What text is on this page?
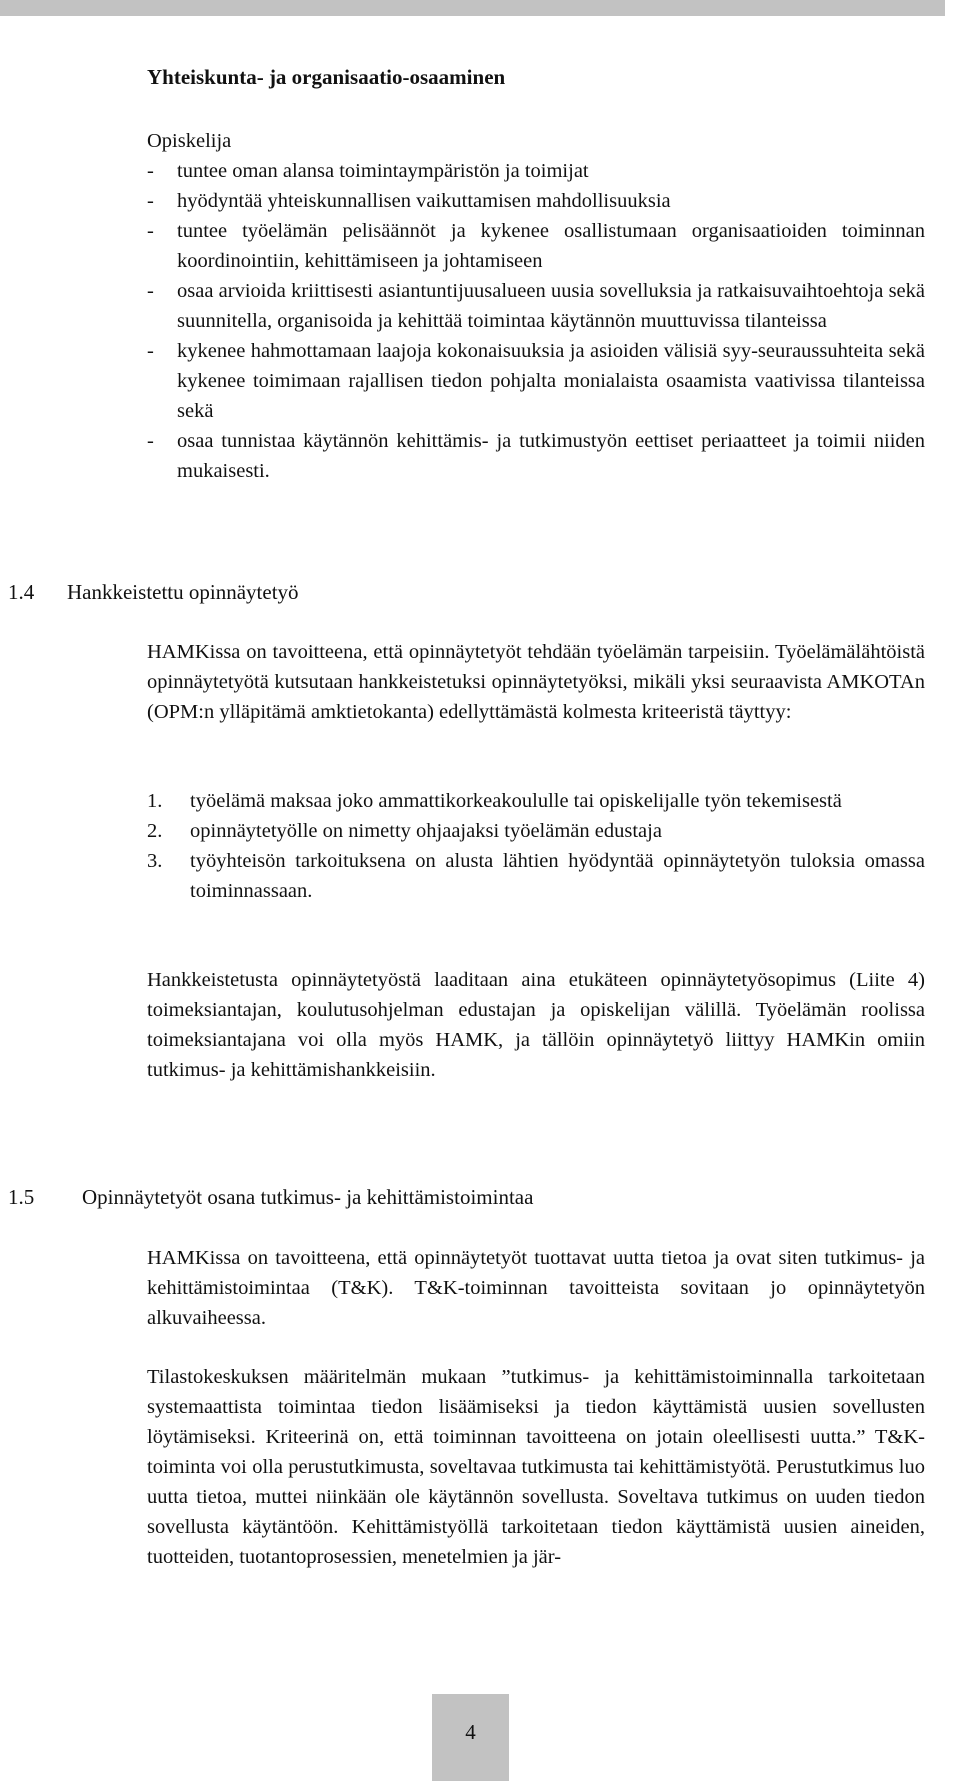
Yhteiskunta- ja organisaatio-osaaminen
Opiskelija
- tuntee oman alansa toimintaympäristön ja toimijat
- hyödyntää yhteiskunnallisen vaikuttamisen mahdollisuuksia
- tuntee työelämän pelisäännöt ja kykenee osallistumaan organisaatioiden toiminnan koordinointiin, kehittämiseen ja johtamiseen
- osaa arvioida kriittisesti asiantuntijuusalueen uusia sovelluksia ja ratkaisuvaihtoehtoja sekä suunnitella, organisoida ja kehittää toimintaa käytännön muuttuvissa tilanteissa
- kykenee hahmottamaan laajoja kokonaisuuksia ja asioiden välisiä syy-seuraussuhteita sekä kykenee toimimaan rajallisen tiedon pohjalta monialaista osaamista vaativissa tilanteissa sekä
- osaa tunnistaa käytännön kehittämis- ja tutkimustyön eettiset periaatteet ja toimii niiden mukaisesti.
1.4 Hankkeistettu opinnäytetyö
HAMKissa on tavoitteena, että opinnäytetyöt tehdään työelämän tarpeisiin. Työelämälähtöistä opinnäytetyötä kutsutaan hankkeistetuksi opinnäytetyöksi, mikäli yksi seuraavista AMKOTAn (OPM:n ylläpitämä amktietokanta) edellyttämästä kolmesta kriteeristä täyttyy:
1. työelämä maksaa joko ammattikorkeakoululle tai opiskelijalle työn tekemisestä
2. opinnäytetyölle on nimetty ohjaajaksi työelämän edustaja
3. työyhteisön tarkoituksena on alusta lähtien hyödyntää opinnäytetyön tuloksia omassa toiminnassaan.
Hankkeistetusta opinnäytetyöstä laaditaan aina etukäteen opinnäytetyösopimus (Liite 4) toimeksiantajan, koulutusohjelman edustajan ja opiskelijan välillä. Työelämän roolissa toimeksiantajana voi olla myös HAMK, ja tällöin opinnäytetyö liittyy HAMKin omiin tutkimus- ja kehittämishankkeisiin.
1.5 Opinnäytetyöt osana tutkimus- ja kehittämistoimintaa
HAMKissa on tavoitteena, että opinnäytetyöt tuottavat uutta tietoa ja ovat siten tutkimus- ja kehittämistoimintaa (T&K). T&K-toiminnan tavoitteista sovitaan jo opinnäytetyön alkuvaiheessa.
Tilastokeskuksen määritelmän mukaan ”tutkimus- ja kehittämistoiminnalla tarkoitetaan systemaattista toimintaa tiedon lisäämiseksi ja tiedon käyttämistä uusien sovellusten löytämiseksi. Kriteerinä on, että toiminnan tavoitteena on jotain oleellisesti uutta.” T&K-toiminta voi olla perustutkimusta, soveltavaa tutkimusta tai kehittämistyötä. Perustutkimus luo uutta tietoa, muttei niinkään ole käytännön sovellusta. Soveltava tutkimus on uuden tiedon sovellusta käytäntöön. Kehittämistyöllä tarkoitetaan tiedon käyttämistä uusien aineiden, tuotteiden, tuotantoprosessien, menetelmien ja jär-
4
